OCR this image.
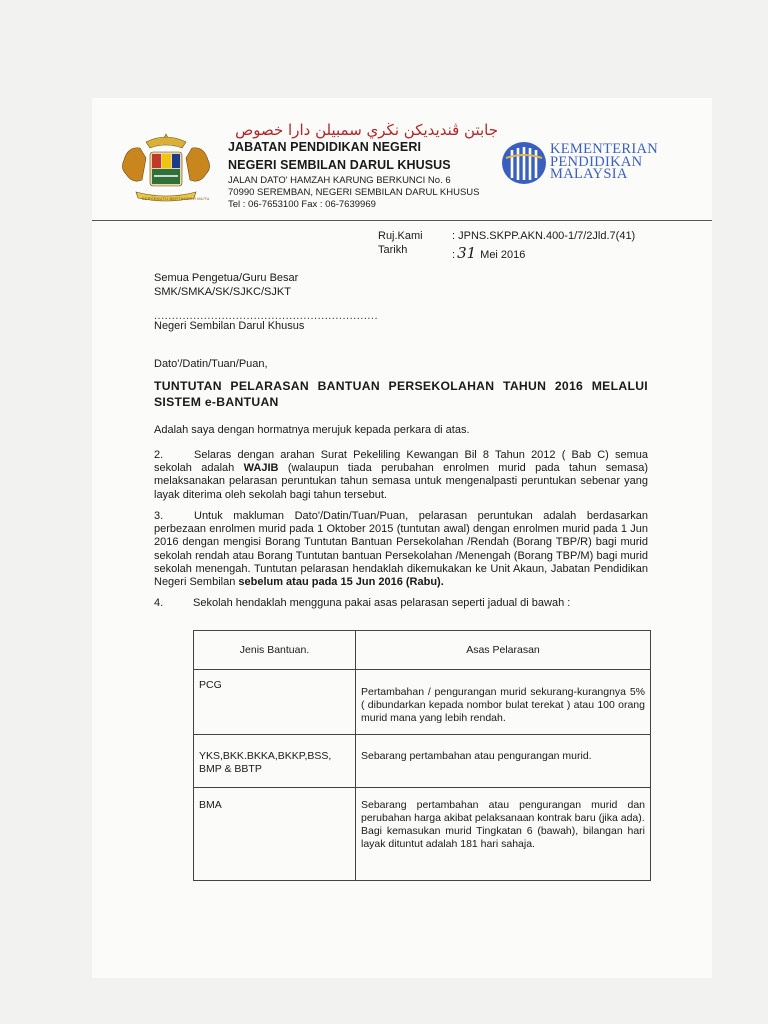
BERSEKUTU BERTAMBAH MUTU
جابتن ڤنديديكن نڬري سمبيلن دارا خصوص
JABATAN PENDIDIKAN NEGERI
NEGERI SEMBILAN DARUL KHUSUS
JALAN DATO' HAMZAH KARUNG BERKUNCI No. 6
70990 SEREMBAN, NEGERI SEMBILAN DARUL KHUSUS
Tel : 06-7653100 Fax : 06-7639969
KEMENTERIAN
PENDIDIKAN
MALAYSIA
Ruj.Kami	: JPNS.SKPP.AKN.400-1/7/2Jld.7(41)
Tarikh	: 31 Mei 2016
Semua Pengetua/Guru Besar
SMK/SMKA/SK/SJKC/SJKT
...............................................................
Negeri Sembilan Darul Khusus
Dato'/Datin/Tuan/Puan,
TUNTUTAN PELARASAN BANTUAN PERSEKOLAHAN TAHUN 2016 MELALUI SISTEM e-BANTUAN
Adalah saya dengan hormatnya merujuk kepada perkara di atas.
2.	Selaras dengan arahan Surat Pekeliling Kewangan Bil 8 Tahun 2012 ( Bab C) semua sekolah adalah WAJIB (walaupun tiada perubahan enrolmen murid pada tahun semasa) melaksanakan pelarasan peruntukan tahun semasa untuk mengenalpasti peruntukan sebenar yang layak diterima oleh sekolah bagi tahun tersebut.
3.	Untuk makluman Dato'/Datin/Tuan/Puan, pelarasan peruntukan adalah berdasarkan perbezaan enrolmen murid pada 1 Oktober 2015 (tuntutan awal) dengan enrolmen murid pada 1 Jun 2016 dengan mengisi Borang Tuntutan Bantuan Persekolahan /Rendah (Borang TBP/R) bagi murid sekolah rendah atau Borang Tuntutan bantuan Persekolahan /Menengah (Borang TBP/M) bagi murid sekolah menengah. Tuntutan pelarasan hendaklah dikemukakan ke Unit Akaun, Jabatan Pendidikan Negeri Sembilan sebelum atau pada 15 Jun 2016 (Rabu).
4.	Sekolah hendaklah mengguna pakai asas pelarasan seperti jadual di bawah :
Jenis Bantuan.	Asas Pelarasan

PCG	Pertambahan / pengurangan murid sekurang-kurangnya 5% ( dibundarkan kepada nombor bulat terekat ) atau 100 orang murid mana yang lebih rendah.

YKS,BKK.BKKA,BKKP,BSS, BMP & BBTP	Sebarang pertambahan atau pengurangan murid.

BMA	Sebarang pertambahan atau pengurangan murid dan perubahan harga akibat pelaksanaan kontrak baru (jika ada).
Bagi kemasukan murid Tingkatan 6 (bawah), bilangan hari layak dituntut adalah 181 hari sahaja.
